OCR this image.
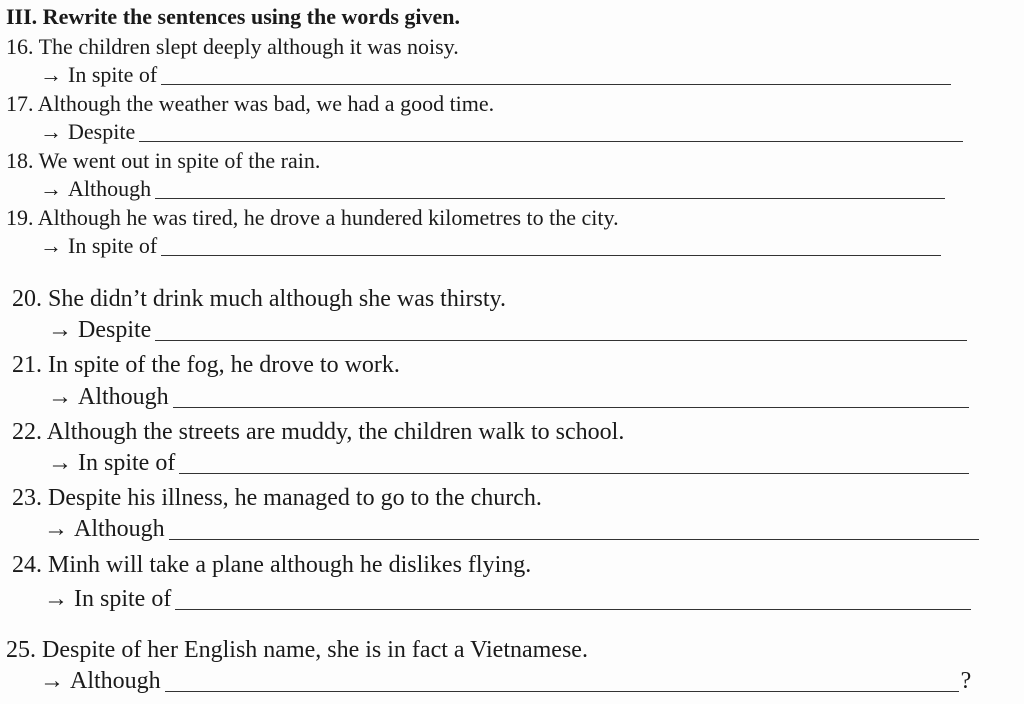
III. Rewrite the sentences using the words given.
16. The children slept deeply although it was noisy.
→ In spite of
17. Although the weather was bad, we had a good time.
→ Despite
18. We went out in spite of the rain.
→ Although
19. Although he was tired, he drove a hundered kilometres to the city.
→ In spite of
20. She didn’t drink much although she was thirsty.
→ Despite
21. In spite of the fog, he drove to work.
→ Although
22. Although the streets are muddy, the children walk to school.
→ In spite of
23. Despite his illness, he managed to go to the church.
→ Although
24. Minh will take a plane although he dislikes flying.
→ In spite of
25. Despite of her English name, she is in fact a Vietnamese.
→ Although	?
